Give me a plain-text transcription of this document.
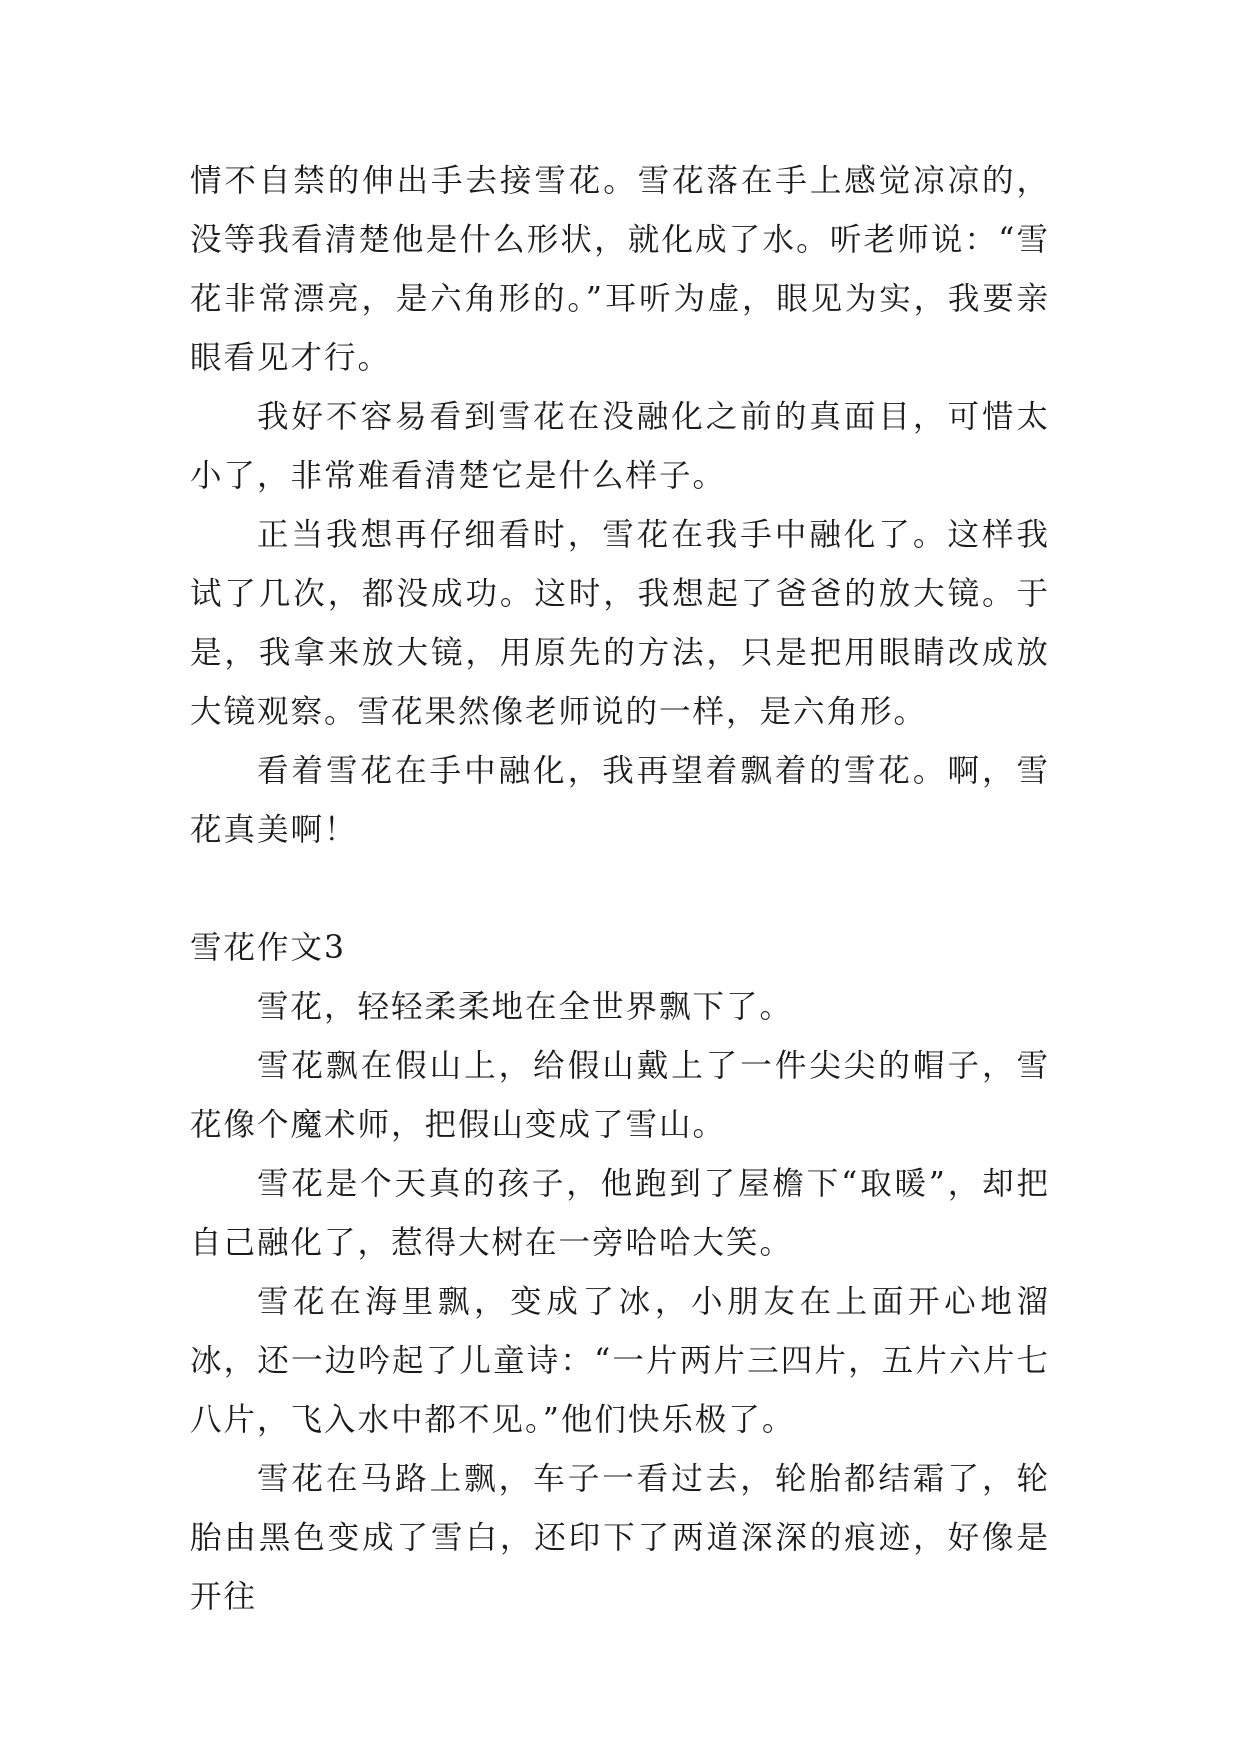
情不自禁的伸出手去接雪花。雪花落在手上感觉凉凉的，没等我看清楚他是什么形状，就化成了水。听老师说：“雪花非常漂亮，是六角形的。”耳听为虚，眼见为实，我要亲眼看见才行。

我好不容易看到雪花在没融化之前的真面目，可惜太小了，非常难看清楚它是什么样子。

正当我想再仔细看时，雪花在我手中融化了。这样我试了几次，都没成功。这时，我想起了爸爸的放大镜。于是，我拿来放大镜，用原先的方法，只是把用眼睛改成放大镜观察。雪花果然像老师说的一样，是六角形。

看着雪花在手中融化，我再望着飘着的雪花。啊，雪花真美啊！

雪花作文3

雪花，轻轻柔柔地在全世界飘下了。

雪花飘在假山上，给假山戴上了一件尖尖的帽子，雪花像个魔术师，把假山变成了雪山。

雪花是个天真的孩子，他跑到了屋檐下“取暖”，却把自己融化了，惹得大树在一旁哈哈大笑。

雪花在海里飘，变成了冰，小朋友在上面开心地溜冰，还一边吟起了儿童诗：“一片两片三四片，五片六片七八片，飞入水中都不见。”他们快乐极了。

雪花在马路上飘，车子一看过去，轮胎都结霜了，轮胎由黑色变成了雪白，还印下了两道深深的痕迹，好像是开往
